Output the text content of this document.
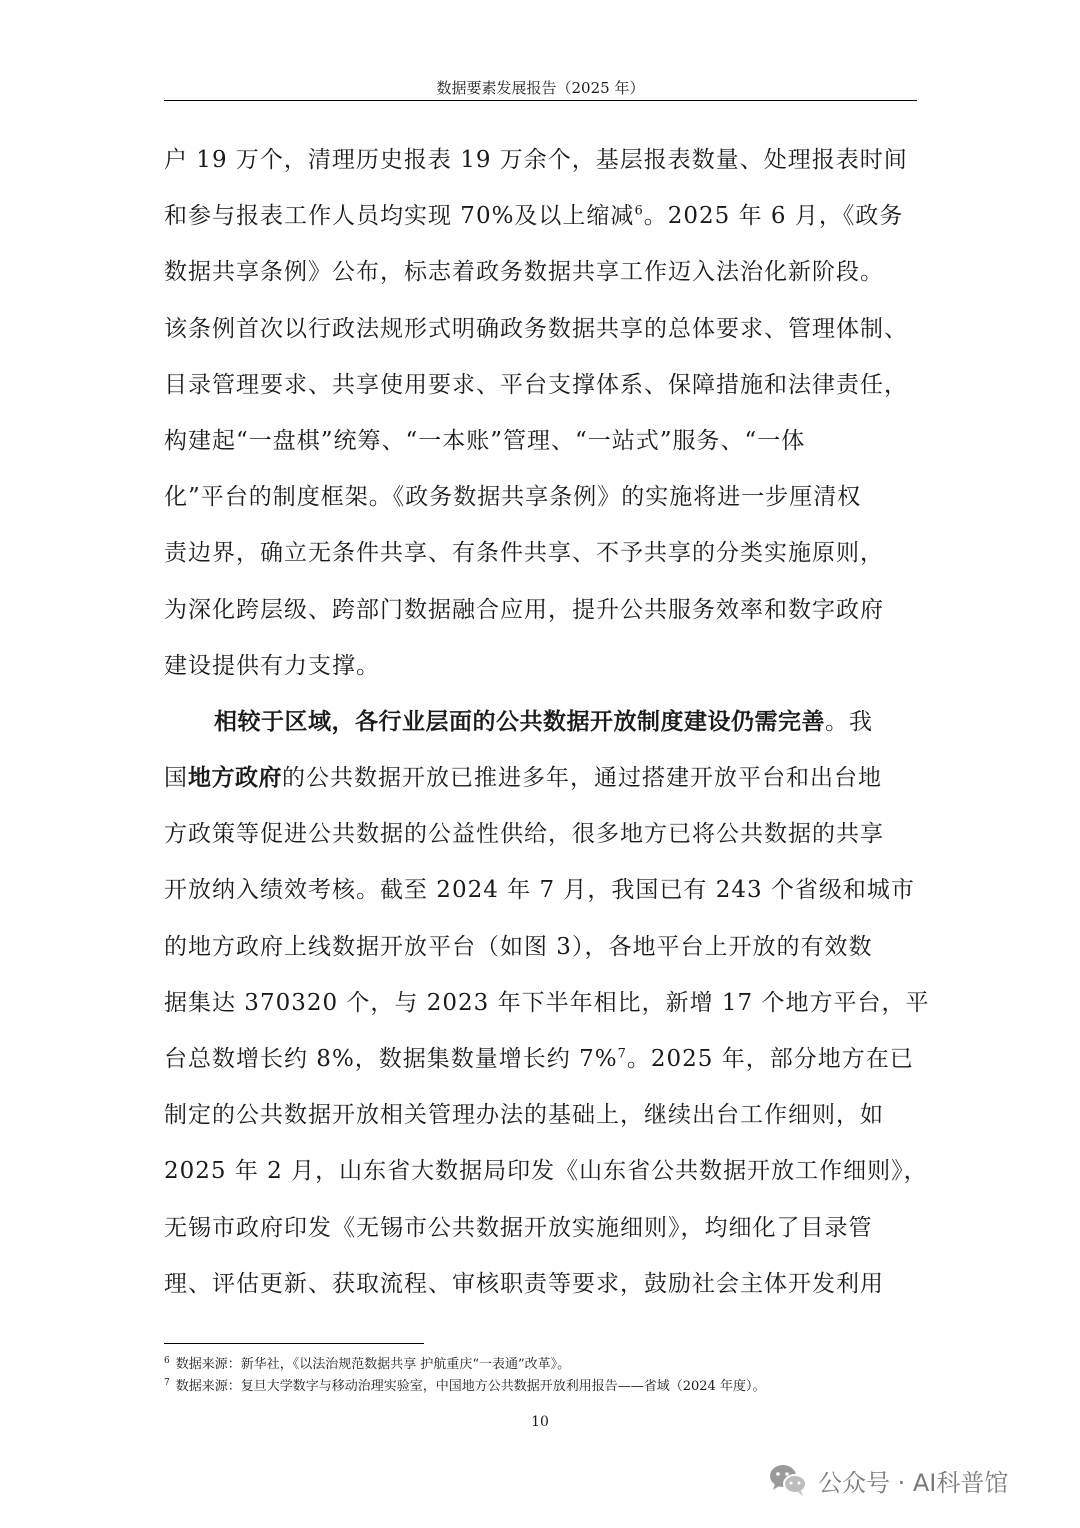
数据要素发展报告（2025 年）
户 19 万个，清理历史报表 19 万余个，基层报表数量、处理报表时间
和参与报表工作人员均实现 70%及以上缩减$^6$。2025 年 6 月，《政务
数据共享条例》公布，标志着政务数据共享工作迈入法治化新阶段。
该条例首次以行政法规形式明确政务数据共享的总体要求、管理体制、
目录管理要求、共享使用要求、平台支撑体系、保障措施和法律责任，
构建起“一盘棋”统筹、“一本账”管理、“一站式”服务、“一体
化”平台的制度框架。《政务数据共享条例》的实施将进一步厘清权
责边界，确立无条件共享、有条件共享、不予共享的分类实施原则，
为深化跨层级、跨部门数据融合应用，提升公共服务效率和数字政府
建设提供有力支撑。
相较于区域，各行业层面的公共数据开放制度建设仍需完善。我
国地方政府的公共数据开放已推进多年，通过搭建开放平台和出台地
方政策等促进公共数据的公益性供给，很多地方已将公共数据的共享
开放纳入绩效考核。截至 2024 年 7 月，我国已有 243 个省级和城市
的地方政府上线数据开放平台（如图 3），各地平台上开放的有效数
据集达 370320 个，与 2023 年下半年相比，新增 17 个地方平台，平
台总数增长约 8%，数据集数量增长约 7%$^7$。2025 年，部分地方在已
制定的公共数据开放相关管理办法的基础上，继续出台工作细则，如
2025 年 2 月，山东省大数据局印发《山东省公共数据开放工作细则》，
无锡市政府印发《无锡市公共数据开放实施细则》，均细化了目录管
理、评估更新、获取流程、审核职责等要求，鼓励社会主体开发利用
$^6$ 数据来源：新华社，《以法治规范数据共享 护航重庆“一表通”改革》。
$^7$ 数据来源：复旦大学数字与移动治理实验室，中国地方公共数据开放利用报告——省域（2024 年度）。
10
公众号 · AI科普馆
